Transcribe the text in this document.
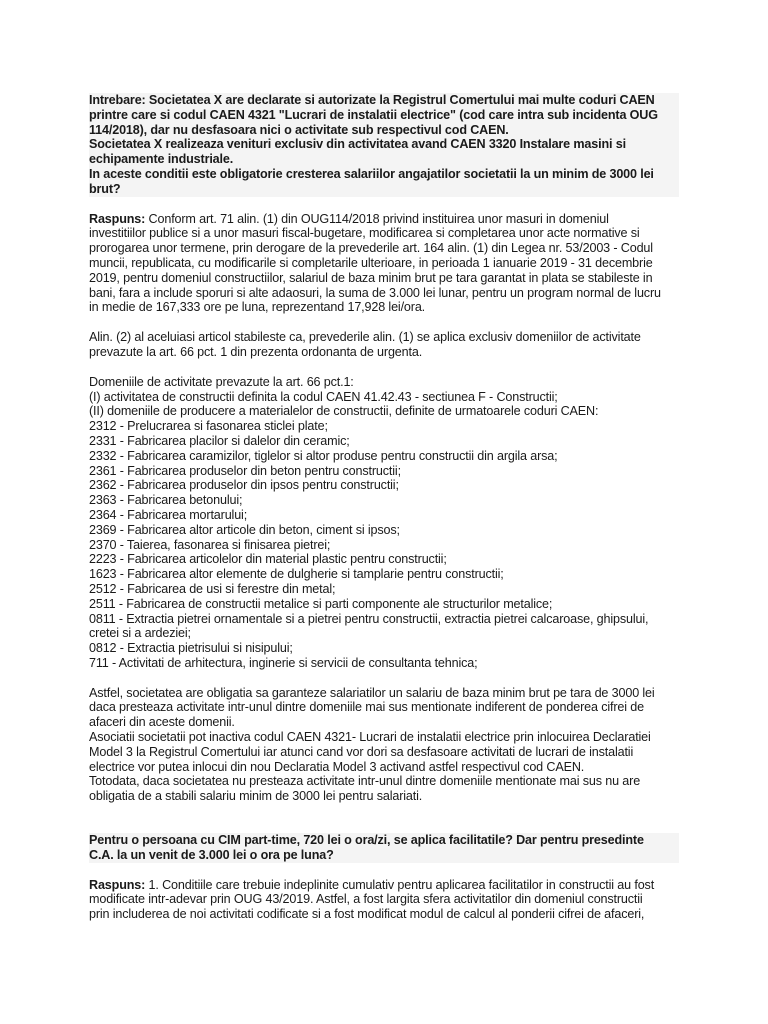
Intrebare: Societatea X are declarate si autorizate la Registrul Comertului mai multe coduri CAEN
printre care si codul CAEN 4321 "Lucrari de instalatii electrice" (cod care intra sub incidenta OUG
114/2018), dar nu desfasoara nici o activitate sub respectivul cod CAEN.
Societatea X realizeaza venituri exclusiv din activitatea avand CAEN 3320 Instalare masini si
echipamente industriale.
In aceste conditii este obligatorie cresterea salariilor angajatilor societatii la un minim de 3000 lei
brut?
Raspuns: Conform art. 71 alin. (1) din OUG114/2018 privind instituirea unor masuri in domeniul
investitiilor publice si a unor masuri fiscal-bugetare, modificarea si completarea unor acte normative si
prorogarea unor termene, prin derogare de la prevederile art. 164 alin. (1) din Legea nr. 53/2003 - Codul
muncii, republicata, cu modificarile si completarile ulterioare, in perioada 1 ianuarie 2019 - 31 decembrie
2019, pentru domeniul constructiilor, salariul de baza minim brut pe tara garantat in plata se stabileste in
bani, fara a include sporuri si alte adaosuri, la suma de 3.000 lei lunar, pentru un program normal de lucru
in medie de 167,333 ore pe luna, reprezentand 17,928 lei/ora.
Alin. (2) al aceluiasi articol stabileste ca, prevederile alin. (1) se aplica exclusiv domeniilor de activitate
prevazute la art. 66 pct. 1 din prezenta ordonanta de urgenta.
Domeniile de activitate prevazute la art. 66 pct.1:
(I) activitatea de constructii definita la codul CAEN 41.42.43 - sectiunea F - Constructii;
(II) domeniile de producere a materialelor de constructii, definite de urmatoarele coduri CAEN:
2312 - Prelucrarea si fasonarea sticlei plate;
2331 - Fabricarea placilor si dalelor din ceramic;
2332 - Fabricarea caramizilor, tiglelor si altor produse pentru constructii din argila arsa;
2361 - Fabricarea produselor din beton pentru constructii;
2362 - Fabricarea produselor din ipsos pentru constructii;
2363 - Fabricarea betonului;
2364 - Fabricarea mortarului;
2369 - Fabricarea altor articole din beton, ciment si ipsos;
2370 - Taierea, fasonarea si finisarea pietrei;
2223 - Fabricarea articolelor din material plastic pentru constructii;
1623 - Fabricarea altor elemente de dulgherie si tamplarie pentru constructii;
2512 - Fabricarea de usi si ferestre din metal;
2511 - Fabricarea de constructii metalice si parti componente ale structurilor metalice;
0811 - Extractia pietrei ornamentale si a pietrei pentru constructii, extractia pietrei calcaroase, ghipsului,
cretei si a ardeziei;
0812 - Extractia pietrisului si nisipului;
711 - Activitati de arhitectura, inginerie si servicii de consultanta tehnica;
Astfel, societatea are obligatia sa garanteze salariatilor un salariu de baza minim brut pe tara de 3000 lei
daca presteaza activitate intr-unul dintre domeniile mai sus mentionate indiferent de ponderea cifrei de
afaceri din aceste domenii.
Asociatii societatii pot inactiva codul CAEN 4321- Lucrari de instalatii electrice prin inlocuirea Declaratiei
Model 3 la Registrul Comertului iar atunci cand vor dori sa desfasoare activitati de lucrari de instalatii
electrice vor putea inlocui din nou Declaratia Model 3 activand astfel respectivul cod CAEN.
Totodata, daca societatea nu presteaza activitate intr-unul dintre domeniile mentionate mai sus nu are
obligatia de a stabili salariu minim de 3000 lei pentru salariati.
Pentru o persoana cu CIM part-time, 720 lei o ora/zi, se aplica facilitatile? Dar pentru presedinte
C.A. la un venit de 3.000 lei o ora pe luna?
Raspuns: 1. Conditiile care trebuie indeplinite cumulativ pentru aplicarea facilitatilor in constructii au fost
modificate intr-adevar prin OUG 43/2019. Astfel, a fost largita sfera activitatilor din domeniul constructii
prin includerea de noi activitati codificate si a fost modificat modul de calcul al ponderii cifrei de afaceri,
